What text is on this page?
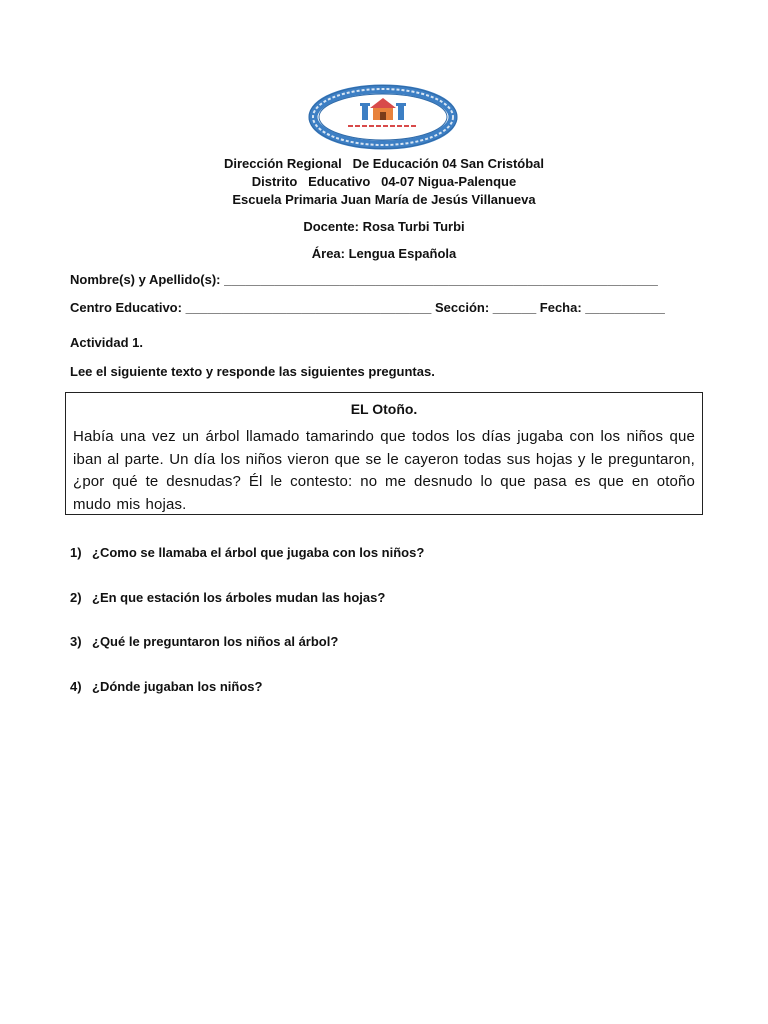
Dirección Regional   De Educación 04 San Cristóbal
Distrito   Educativo   04-07 Nigua-Palenque
Escuela Primaria Juan María de Jesús Villanueva
Docente: Rosa Turbi Turbi
Área: Lengua Española
Nombre(s) y Apellido(s): ____________________________________________________________
Centro Educativo: __________________________________ Sección: ______ Fecha: ___________
Actividad 1.
Lee el siguiente texto y responde las siguientes preguntas.
EL Otoño.
Había una vez un árbol llamado tamarindo que todos los días jugaba con los niños que iban al parte. Un día los niños vieron que se le cayeron todas sus hojas y le preguntaron, ¿por qué te desnudas? Él le contesto: no me desnudo lo que pasa es que en otoño mudo mis hojas.
1) ¿Como se llamaba el árbol que jugaba con los niños?
2) ¿En que estación los árboles mudan las hojas?
3) ¿Qué le preguntaron los niños al árbol?
4) ¿Dónde jugaban los niños?
